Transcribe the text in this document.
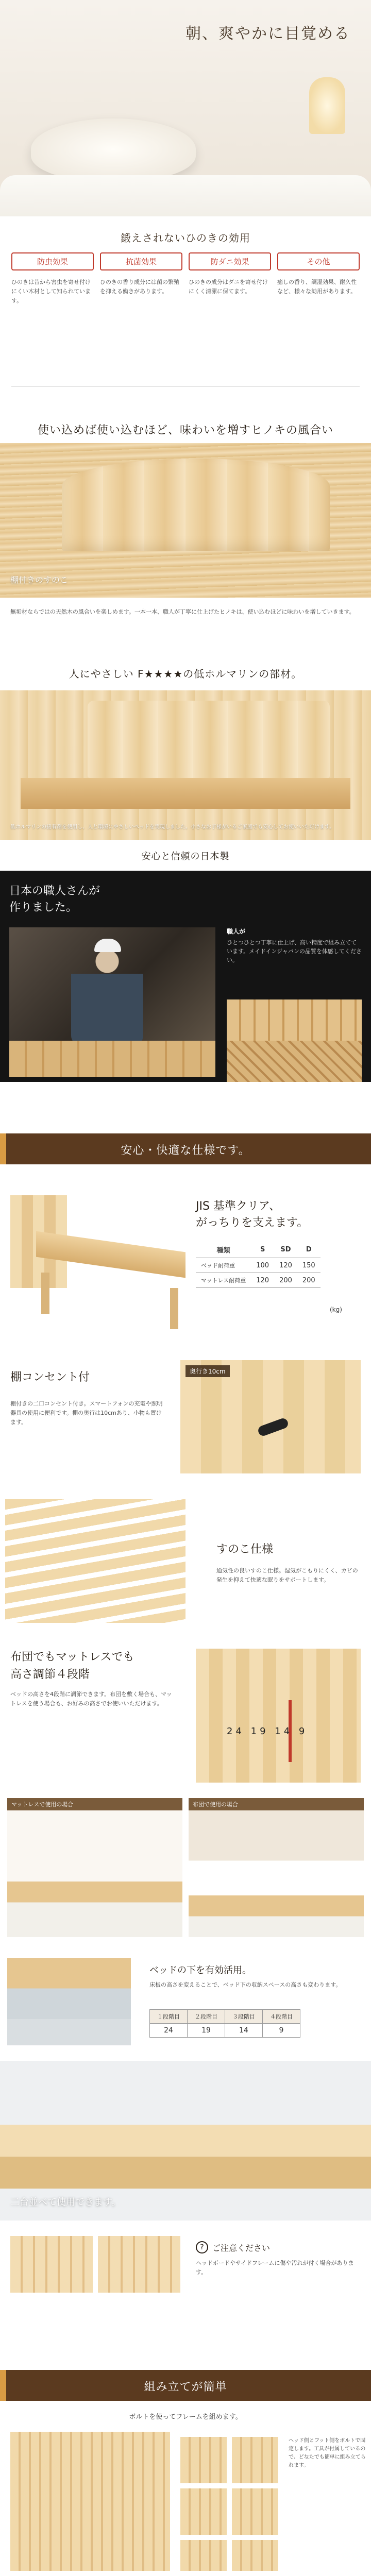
朝、爽やかに目覚める
鍛えされないひのきの効用
防虫効果
ひのきは昔から害虫を寄せ付けにくい木材として知られています。
抗菌効果
ひのきの香り成分には菌の繁殖を抑える働きがあります。
防ダニ効果
ひのきの成分はダニを寄せ付けにくく清潔に保てます。
その他
癒しの香り、調湿効果、耐久性など、様々な効用があります。
使い込めば使い込むほど、味わいを増すヒノキの風合い
棚付きのすのこ

無垢材ならではの天然木の風合いを楽しめます。一本一本、職人が丁寧に仕上げたヒノキは、使い込むほどに味わいを増していきます。

人にやさしい F★★★★の低ホルマリンの部材。
低ホルマリンの接着剤を使用し、人と環境にやさしいベッドを実現しました。小さなお子様がいるご家庭でも安心してお使いいただけます。
安心と信頼の日本製
日本の職人さんが
作りました。
職人が
ひとつひとつ丁寧に仕上げ、高い精度で組み立てています。メイドインジャパンの品質を体感してください。
安心・快適な仕様です。
JIS 基準クリア、
がっちりを支えます。
種類	S	SD	D
ベッド耐荷重	100	120	150
マットレス耐荷重	120	200	200
(kg)
棚コンセント付

棚付きの二口コンセント付き。スマートフォンの充電や照明器具の使用に便利です。棚の奥行は10cmあり、小物も置けます。

奥行き10cm
すのこ仕様

通気性の良いすのこ仕様。湿気がこもりにくく、カビの発生を抑えて快適な眠りをサポートします。

布団でもマットレスでも
高さ調節４段階

ベッドの高さを4段階に調節できます。布団を敷く場合も、マットレスを使う場合も、お好みの高さでお使いいただけます。

24 19 14 9
マットレスで使用の場合	布団で使用の場合
ベッドの下を有効活用。

床板の高さを変えることで、ベッド下の収納スペースの高さも変わります。

１段階目	２段階目	３段階目	４段階目
24	19	14	9
二台並べて使用できます。
?	ご注意ください

ヘッドボードやサイドフレームに傷や汚れが付く場合があります。

組み立てが簡単
ボルトを使ってフレームを組めます。
ヘッド側とフット側をボルトで固定します。工具が付属しているので、どなたでも簡単に組み立てられます。
